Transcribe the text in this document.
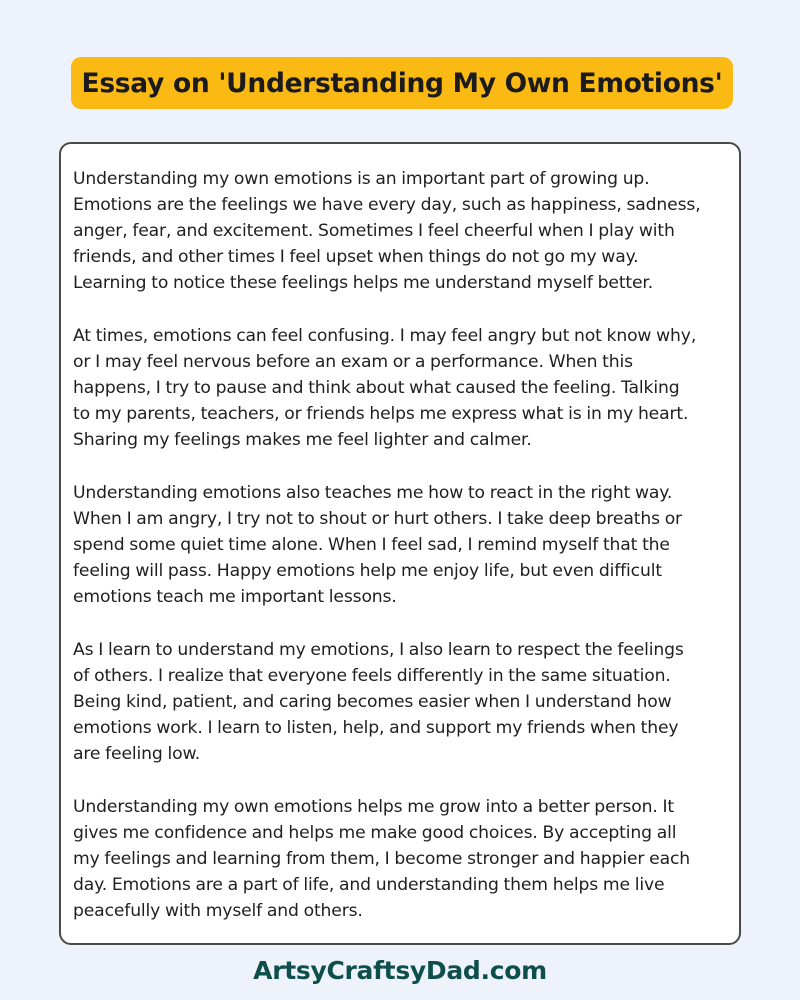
Essay on 'Understanding My Own Emotions'

Understanding my own emotions is an important part of growing up.
Emotions are the feelings we have every day, such as happiness, sadness,
anger, fear, and excitement. Sometimes I feel cheerful when I play with
friends, and other times I feel upset when things do not go my way.
Learning to notice these feelings helps me understand myself better.

At times, emotions can feel confusing. I may feel angry but not know why,
or I may feel nervous before an exam or a performance. When this
happens, I try to pause and think about what caused the feeling. Talking
to my parents, teachers, or friends helps me express what is in my heart.
Sharing my feelings makes me feel lighter and calmer.

Understanding emotions also teaches me how to react in the right way.
When I am angry, I try not to shout or hurt others. I take deep breaths or
spend some quiet time alone. When I feel sad, I remind myself that the
feeling will pass. Happy emotions help me enjoy life, but even difficult
emotions teach me important lessons.

As I learn to understand my emotions, I also learn to respect the feelings
of others. I realize that everyone feels differently in the same situation.
Being kind, patient, and caring becomes easier when I understand how
emotions work. I learn to listen, help, and support my friends when they
are feeling low.

Understanding my own emotions helps me grow into a better person. It
gives me confidence and helps me make good choices. By accepting all
my feelings and learning from them, I become stronger and happier each
day. Emotions are a part of life, and understanding them helps me live
peacefully with myself and others.

ArtsyCraftsyDad.com
